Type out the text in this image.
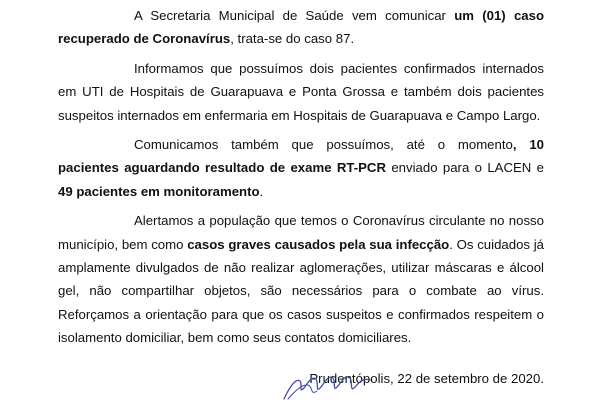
A Secretaria Municipal de Saúde vem comunicar um (01) caso recuperado de Coronavírus, trata-se do caso 87.

Informamos que possuímos dois pacientes confirmados internados em UTI de Hospitais de Guarapuava e Ponta Grossa e também dois pacientes suspeitos internados em enfermaria em Hospitais de Guarapuava e Campo Largo.

Comunicamos também que possuímos, até o momento, 10 pacientes aguardando resultado de exame RT-PCR enviado para o LACEN e 49 pacientes em monitoramento.

Alertamos a população que temos o Coronavírus circulante no nosso município, bem como casos graves causados pela sua infecção. Os cuidados já amplamente divulgados de não realizar aglomerações, utilizar máscaras e álcool gel, não compartilhar objetos, são necessários para o combate ao vírus. Reforçamos a orientação para que os casos suspeitos e confirmados respeitem o isolamento domiciliar, bem como seus contatos domiciliares.

Prudentópolis, 22 de setembro de 2020.
